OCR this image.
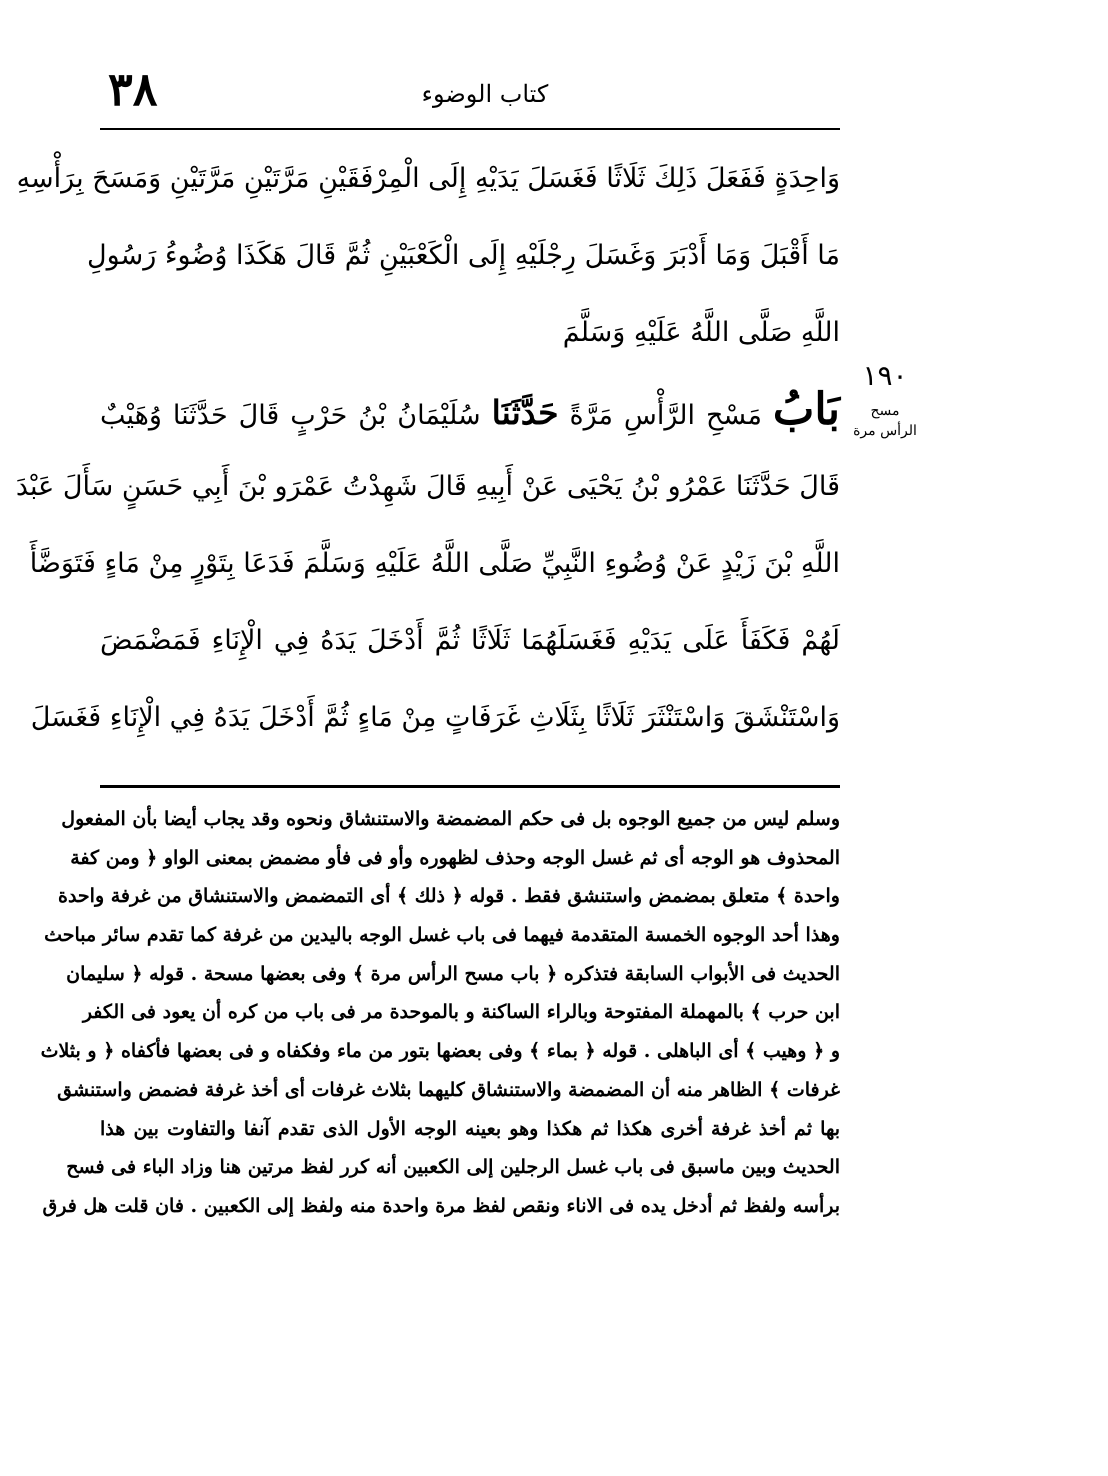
٣٨	كتاب الوضوء
وَاحِدَةٍ فَفَعَلَ ذَلِكَ ثَلَاثًا فَغَسَلَ يَدَيْهِ إِلَى الْمِرْفَقَيْنِ مَرَّتَيْنِ مَرَّتَيْنِ وَمَسَحَ بِرَأْسِهِ
مَا أَقْبَلَ وَمَا أَدْبَرَ وَغَسَلَ رِجْلَيْهِ إِلَى الْكَعْبَيْنِ ثُمَّ قَالَ هَكَذَا وُضُوءُ رَسُولِ
اللَّهِ صَلَّى اللَّهُ عَلَيْهِ وَسَلَّمَ
بَابُ مَسْحِ الرَّأْسِ مَرَّةً حَدَّثَنَا سُلَيْمَانُ بْنُ حَرْبٍ قَالَ حَدَّثَنَا وُهَيْبٌ
قَالَ حَدَّثَنَا عَمْرُو بْنُ يَحْيَى عَنْ أَبِيهِ قَالَ شَهِدْتُ عَمْرَو بْنَ أَبِي حَسَنٍ سَأَلَ عَبْدَ
اللَّهِ بْنَ زَيْدٍ عَنْ وُضُوءِ النَّبِيِّ صَلَّى اللَّهُ عَلَيْهِ وَسَلَّمَ فَدَعَا بِتَوْرٍ مِنْ مَاءٍ فَتَوَضَّأَ
لَهُمْ فَكَفَأَ عَلَى يَدَيْهِ فَغَسَلَهُمَا ثَلَاثًا ثُمَّ أَدْخَلَ يَدَهُ فِي الْإِنَاءِ فَمَضْمَضَ
وَاسْتَنْشَقَ وَاسْتَنْثَرَ ثَلَاثًا بِثَلَاثِ غَرَفَاتٍ مِنْ مَاءٍ ثُمَّ أَدْخَلَ يَدَهُ فِي الْإِنَاءِ فَغَسَلَ
١٩٠
مسح الرأس مرة
وسلم ليس من جميع الوجوه بل فى حكم المضمضة والاستنشاق ونحوه وقد يجاب أيضا بأن المفعول
المحذوف هو الوجه أى ثم غسل الوجه وحذف لظهوره وأو فى فأو مضمض بمعنى الواو ﴿ ومن كفة
واحدة ﴾ متعلق بمضمض واستنشق فقط . قوله ﴿ ذلك ﴾ أى التمضمض والاستنشاق من غرفة واحدة
وهذا أحد الوجوه الخمسة المتقدمة فيهما فى باب غسل الوجه باليدين من غرفة كما تقدم سائر مباحث
الحديث فى الأبواب السابقة فتذكره ﴿ باب مسح الرأس مرة ﴾ وفى بعضها مسحة . قوله ﴿ سليمان
ابن حرب ﴾ بالمهملة المفتوحة وبالراء الساكنة و بالموحدة مر فى باب من كره أن يعود فى الكفر
و ﴿ وهيب ﴾ أى الباهلى . قوله ﴿ بماء ﴾ وفى بعضها بتور من ماء وفكفاه و فى بعضها فأكفاه ﴿ و بثلاث
غرفات ﴾ الظاهر منه أن المضمضة والاستنشاق كليهما بثلاث غرفات أى أخذ غرفة فضمض واستنشق
بها ثم أخذ غرفة أخرى هكذا ثم هكذا وهو بعينه الوجه الأول الذى تقدم آنفا والتفاوت بين هذا
الحديث وبين ماسبق فى باب غسل الرجلين إلى الكعبين أنه كرر لفظ مرتين هنا وزاد الباء فى فسح
برأسه ولفظ ثم أدخل يده فى الاناء ونقص لفظ مرة واحدة منه ولفظ إلى الكعبين . فان قلت هل فرق
